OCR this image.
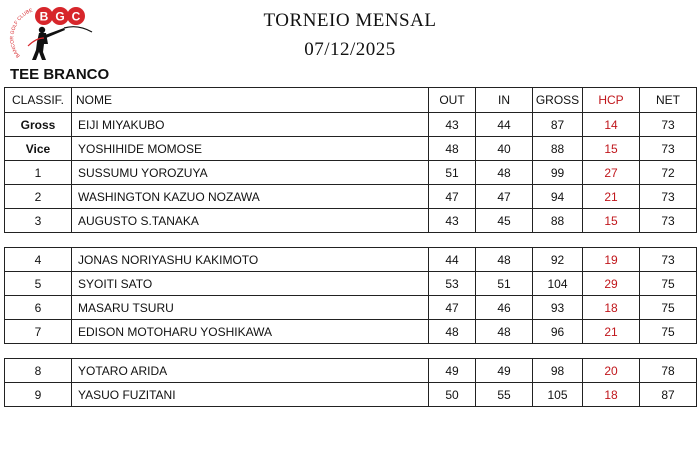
BANCOR GOLF CLUBE B G C	TORNEIO MENSAL
07/12/2025
TEE BRANCO
CLASSIF.	NOME	OUT	IN	GROSS	HCP	NET
Gross	EIJI MIYAKUBO	43	44	87	14	73
Vice	YOSHIHIDE MOMOSE	48	40	88	15	73
1	SUSSUMU YOROZUYA	51	48	99	27	72
2	WASHINGTON KAZUO NOZAWA	47	47	94	21	73
3	AUGUSTO S.TANAKA	43	45	88	15	73

4	JONAS NORIYASHU KAKIMOTO	44	48	92	19	73
5	SYOITI SATO	53	51	104	29	75
6	MASARU TSURU	47	46	93	18	75
7	EDISON MOTOHARU YOSHIKAWA	48	48	96	21	75

8	YOTARO ARIDA	49	49	98	20	78
9	YASUO FUZITANI	50	55	105	18	87
